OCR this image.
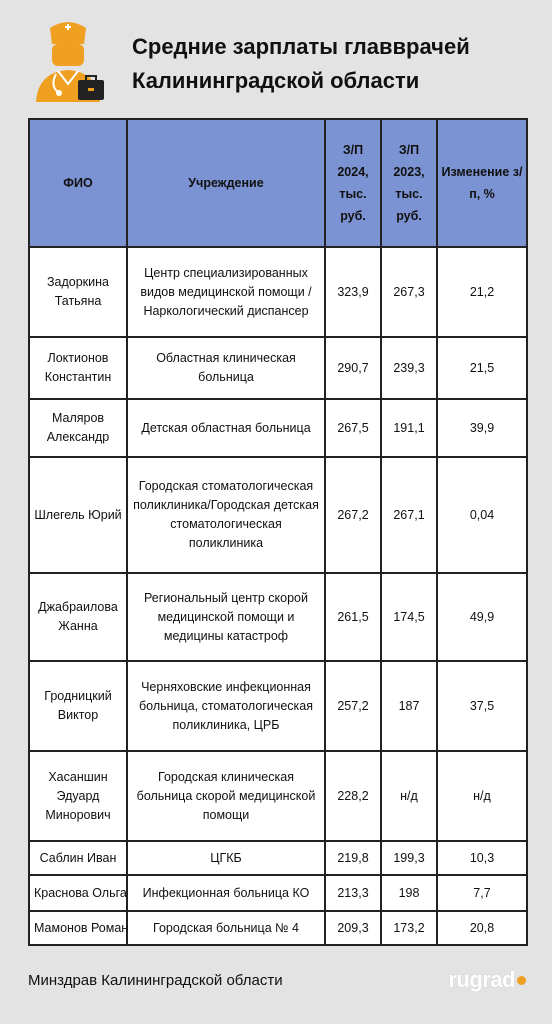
Средние зарплаты главврачей
Калининградской области
ФИО	Учреждение	З/П 2024, тыс. руб.	З/П 2023, тыс. руб.	Изменение з/п, %
Задоркина Татьяна	Центр специализированных видов медицинской помощи / Наркологический диспансер	323,9	267,3	21,2
Локтионов Константин	Областная клиническая больница	290,7	239,3	21,5
Маляров Александр	Детская областная больница	267,5	191,1	39,9
Шлегель Юрий	Городская стоматологическая поликлиника/Городская детская стоматологическая поликлиника	267,2	267,1	0,04
Джабраилова Жанна	Региональный центр скорой медицинской помощи и медицины катастроф	261,5	174,5	49,9
Гродницкий Виктор	Черняховские инфекционная больница, стоматологическая поликлиника, ЦРБ	257,2	187	37,5
Хасаншин Эдуард Минорович	Городская клиническая больница скорой медицинской помощи	228,2	н/д	н/д
Саблин Иван	ЦГКБ	219,8	199,3	10,3
Краснова Ольга	Инфекционная больница КО	213,3	198	7,7
Мамонов Роман	Городская больница № 4	209,3	173,2	20,8
Минздрав Калининградской области	rugrad
